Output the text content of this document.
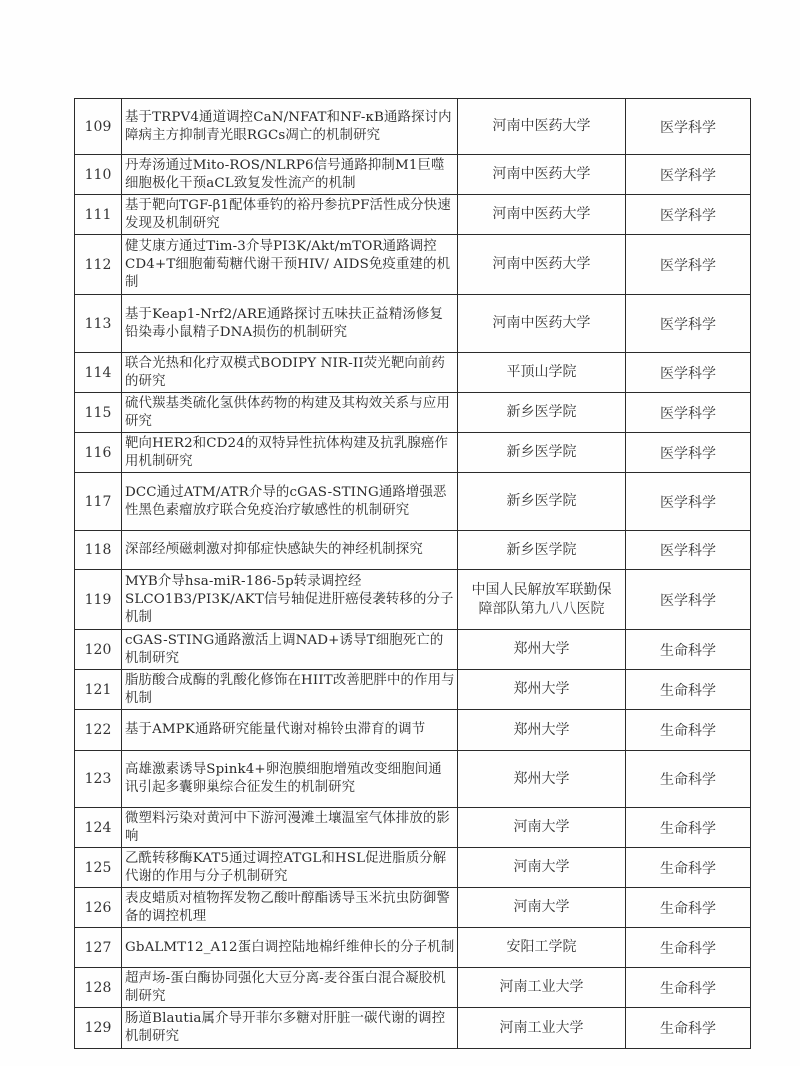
109	基于TRPV4通道调控CaN/NFAT和NF-κB通路探讨内障病主方抑制青光眼RGCs凋亡的机制研究	河南中医药大学	医学科学
110	丹寿汤通过Mito-ROS/NLRP6信号通路抑制M1巨噬细胞极化干预aCL致复发性流产的机制	河南中医药大学	医学科学
111	基于靶向TGF-β1配体垂钓的裕丹参抗PF活性成分快速发现及机制研究	河南中医药大学	医学科学
112	健艾康方通过Tim-3介导PI3K/Akt/mTOR通路调控CD4+T细胞葡萄糖代谢干预HIV/ AIDS免疫重建的机制	河南中医药大学	医学科学
113	基于Keap1-Nrf2/ARE通路探讨五味扶正益精汤修复铅染毒小鼠精子DNA损伤的机制研究	河南中医药大学	医学科学
114	联合光热和化疗双模式BODIPY NIR-II荧光靶向前药的研究	平顶山学院	医学科学
115	硫代羰基类硫化氢供体药物的构建及其构效关系与应用研究	新乡医学院	医学科学
116	靶向HER2和CD24的双特异性抗体构建及抗乳腺癌作用机制研究	新乡医学院	医学科学
117	DCC通过ATM/ATR介导的cGAS-STING通路增强恶性黑色素瘤放疗联合免疫治疗敏感性的机制研究	新乡医学院	医学科学
118	深部经颅磁刺激对抑郁症快感缺失的神经机制探究	新乡医学院	医学科学
119	MYB介导hsa-miR-186-5p转录调控经SLCO1B3/PI3K/AKT信号轴促进肝癌侵袭转移的分子机制	中国人民解放军联勤保障部队第九八八医院	医学科学
120	cGAS-STING通路激活上调NAD+诱导T细胞死亡的机制研究	郑州大学	生命科学
121	脂肪酸合成酶的乳酸化修饰在HIIT改善肥胖中的作用与机制	郑州大学	生命科学
122	基于AMPK通路研究能量代谢对棉铃虫滞育的调节	郑州大学	生命科学
123	高雄激素诱导Spink4+卵泡膜细胞增殖改变细胞间通讯引起多囊卵巢综合征发生的机制研究	郑州大学	生命科学
124	微塑料污染对黄河中下游河漫滩土壤温室气体排放的影响	河南大学	生命科学
125	乙酰转移酶KAT5通过调控ATGL和HSL促进脂质分解代谢的作用与分子机制研究	河南大学	生命科学
126	表皮蜡质对植物挥发物乙酸叶醇酯诱导玉米抗虫防御警备的调控机理	河南大学	生命科学
127	GbALMT12_A12蛋白调控陆地棉纤维伸长的分子机制	安阳工学院	生命科学
128	超声场-蛋白酶协同强化大豆分离-麦谷蛋白混合凝胶机制研究	河南工业大学	生命科学
129	肠道Blautia属介导开菲尔多糖对肝脏一碳代谢的调控机制研究	河南工业大学	生命科学
